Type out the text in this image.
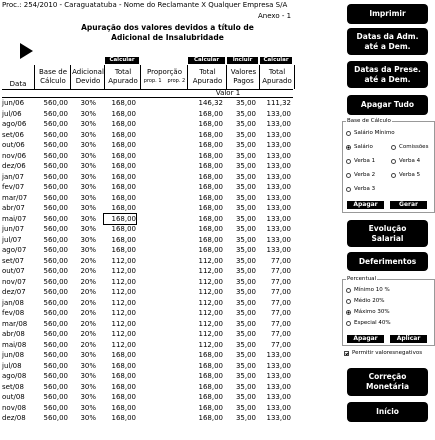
Proc.: 254/2010 - Caraguatatuba - Nome do Reclamante X Qualquer Empresa S/A
Anexo - 1
Apuração dos valores devidos a título de
Adicional de Insalubridade
Calcular	Calcular	Incluir	Calcular
Data
Base de
Cálculo
Adicional
Devido
Total
Apurado
Proporção
prop. 1 prop. 2
Total
Apurado
Valores
Pagos
Total
Apurado
Valor 1
jun/06	560,00	30%	168,00	146,32	35,00	111,32
jul/06	560,00	30%	168,00	168,00	35,00	133,00
ago/06	560,00	30%	168,00	168,00	35,00	133,00
set/06	560,00	30%	168,00	168,00	35,00	133,00
out/06	560,00	30%	168,00	168,00	35,00	133,00
nov/06	560,00	30%	168,00	168,00	35,00	133,00
dez/06	560,00	30%	168,00	168,00	35,00	133,00
jan/07	560,00	30%	168,00	168,00	35,00	133,00
fev/07	560,00	30%	168,00	168,00	35,00	133,00
mar/07	560,00	30%	168,00	168,00	35,00	133,00
abr/07	560,00	30%	168,00	168,00	35,00	133,00
mai/07	560,00	30%	168,00	168,00	35,00	133,00
jun/07	560,00	30%	168,00	168,00	35,00	133,00
jul/07	560,00	30%	168,00	168,00	35,00	133,00
ago/07	560,00	30%	168,00	168,00	35,00	133,00
set/07	560,00	20%	112,00	112,00	35,00	77,00
out/07	560,00	20%	112,00	112,00	35,00	77,00
nov/07	560,00	20%	112,00	112,00	35,00	77,00
dez/07	560,00	20%	112,00	112,00	35,00	77,00
jan/08	560,00	20%	112,00	112,00	35,00	77,00
fev/08	560,00	20%	112,00	112,00	35,00	77,00
mar/08	560,00	20%	112,00	112,00	35,00	77,00
abr/08	560,00	20%	112,00	112,00	35,00	77,00
mai/08	560,00	20%	112,00	112,00	35,00	77,00
jun/08	560,00	30%	168,00	168,00	35,00	133,00
jul/08	560,00	30%	168,00	168,00	35,00	133,00
ago/08	560,00	30%	168,00	168,00	35,00	133,00
set/08	560,00	30%	168,00	168,00	35,00	133,00
out/08	560,00	30%	168,00	168,00	35,00	133,00
nov/08	560,00	30%	168,00	168,00	35,00	133,00
dez/08	560,00	30%	168,00	168,00	35,00	133,00
Imprimir
Datas da Adm.
até a Dem.
Datas da Prese.
até a Dem.
Apagar Tudo
Base de Cálculo
Salário Mínimo
Salário	Comissões
Verba 1	Verba 4
Verba 2	Verba 5
Verba 3
Apagar	Gerar
Evolução
Salarial
Deferimentos
Percentual
Mínimo 10 %
Médio 20%
Máximo 30%
Especial 40%
Apagar	Aplicar
Permitir valoresnegativos
Correção
Monetária
Início
